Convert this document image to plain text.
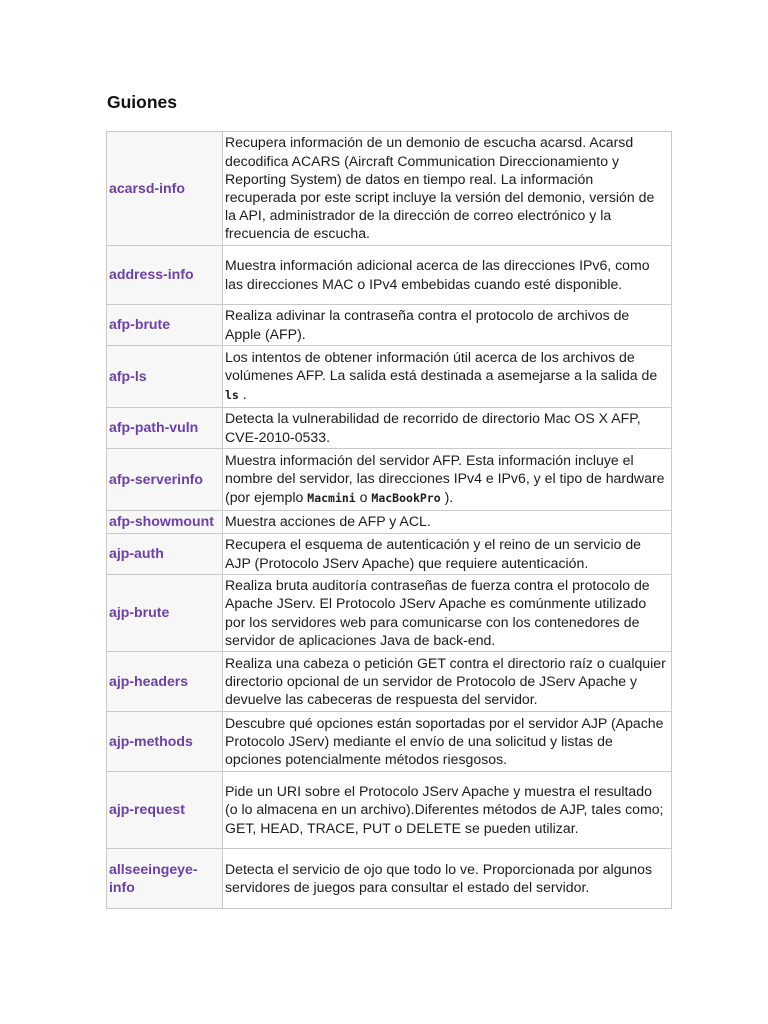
Guiones
acarsd-info	Recupera información de un demonio de escucha acarsd. Acarsd decodifica ACARS (Aircraft Communication Direccionamiento y Reporting System) de datos en tiempo real. La información recuperada por este script incluye la versión del demonio, versión de la API, administrador de la dirección de correo electrónico y la frecuencia de escucha.
address-info	Muestra información adicional acerca de las direcciones IPv6, como las direcciones MAC o IPv4 embebidas cuando esté disponible.
afp-brute	Realiza adivinar la contraseña contra el protocolo de archivos de Apple (AFP).
afp-ls	Los intentos de obtener información útil acerca de los archivos de volúmenes AFP. La salida está destinada a asemejarse a la salida de ls .
afp-path-vuln	Detecta la vulnerabilidad de recorrido de directorio Mac OS X AFP, CVE-2010-0533.
afp-serverinfo	Muestra información del servidor AFP. Esta información incluye el nombre del servidor, las direcciones IPv4 e IPv6, y el tipo de hardware (por ejemplo Macmini o MacBookPro ).
afp-showmount	Muestra acciones de AFP y ACL.
ajp-auth	Recupera el esquema de autenticación y el reino de un servicio de AJP (Protocolo JServ Apache) que requiere autenticación.
ajp-brute	Realiza bruta auditoría contraseñas de fuerza contra el protocolo de Apache JServ. El Protocolo JServ Apache es comúnmente utilizado por los servidores web para comunicarse con los contenedores de servidor de aplicaciones Java de back-end.
ajp-headers	Realiza una cabeza o petición GET contra el directorio raíz o cualquier directorio opcional de un servidor de Protocolo de JServ Apache y devuelve las cabeceras de respuesta del servidor.
ajp-methods	Descubre qué opciones están soportadas por el servidor AJP (Apache Protocolo JServ) mediante el envío de una solicitud y listas de opciones potencialmente métodos riesgosos.
ajp-request	Pide un URI sobre el Protocolo JServ Apache y muestra el resultado (o lo almacena en un archivo).Diferentes métodos de AJP, tales como; GET, HEAD, TRACE, PUT o DELETE se pueden utilizar.
allseeingeye-info	Detecta el servicio de ojo que todo lo ve. Proporcionada por algunos servidores de juegos para consultar el estado del servidor.
